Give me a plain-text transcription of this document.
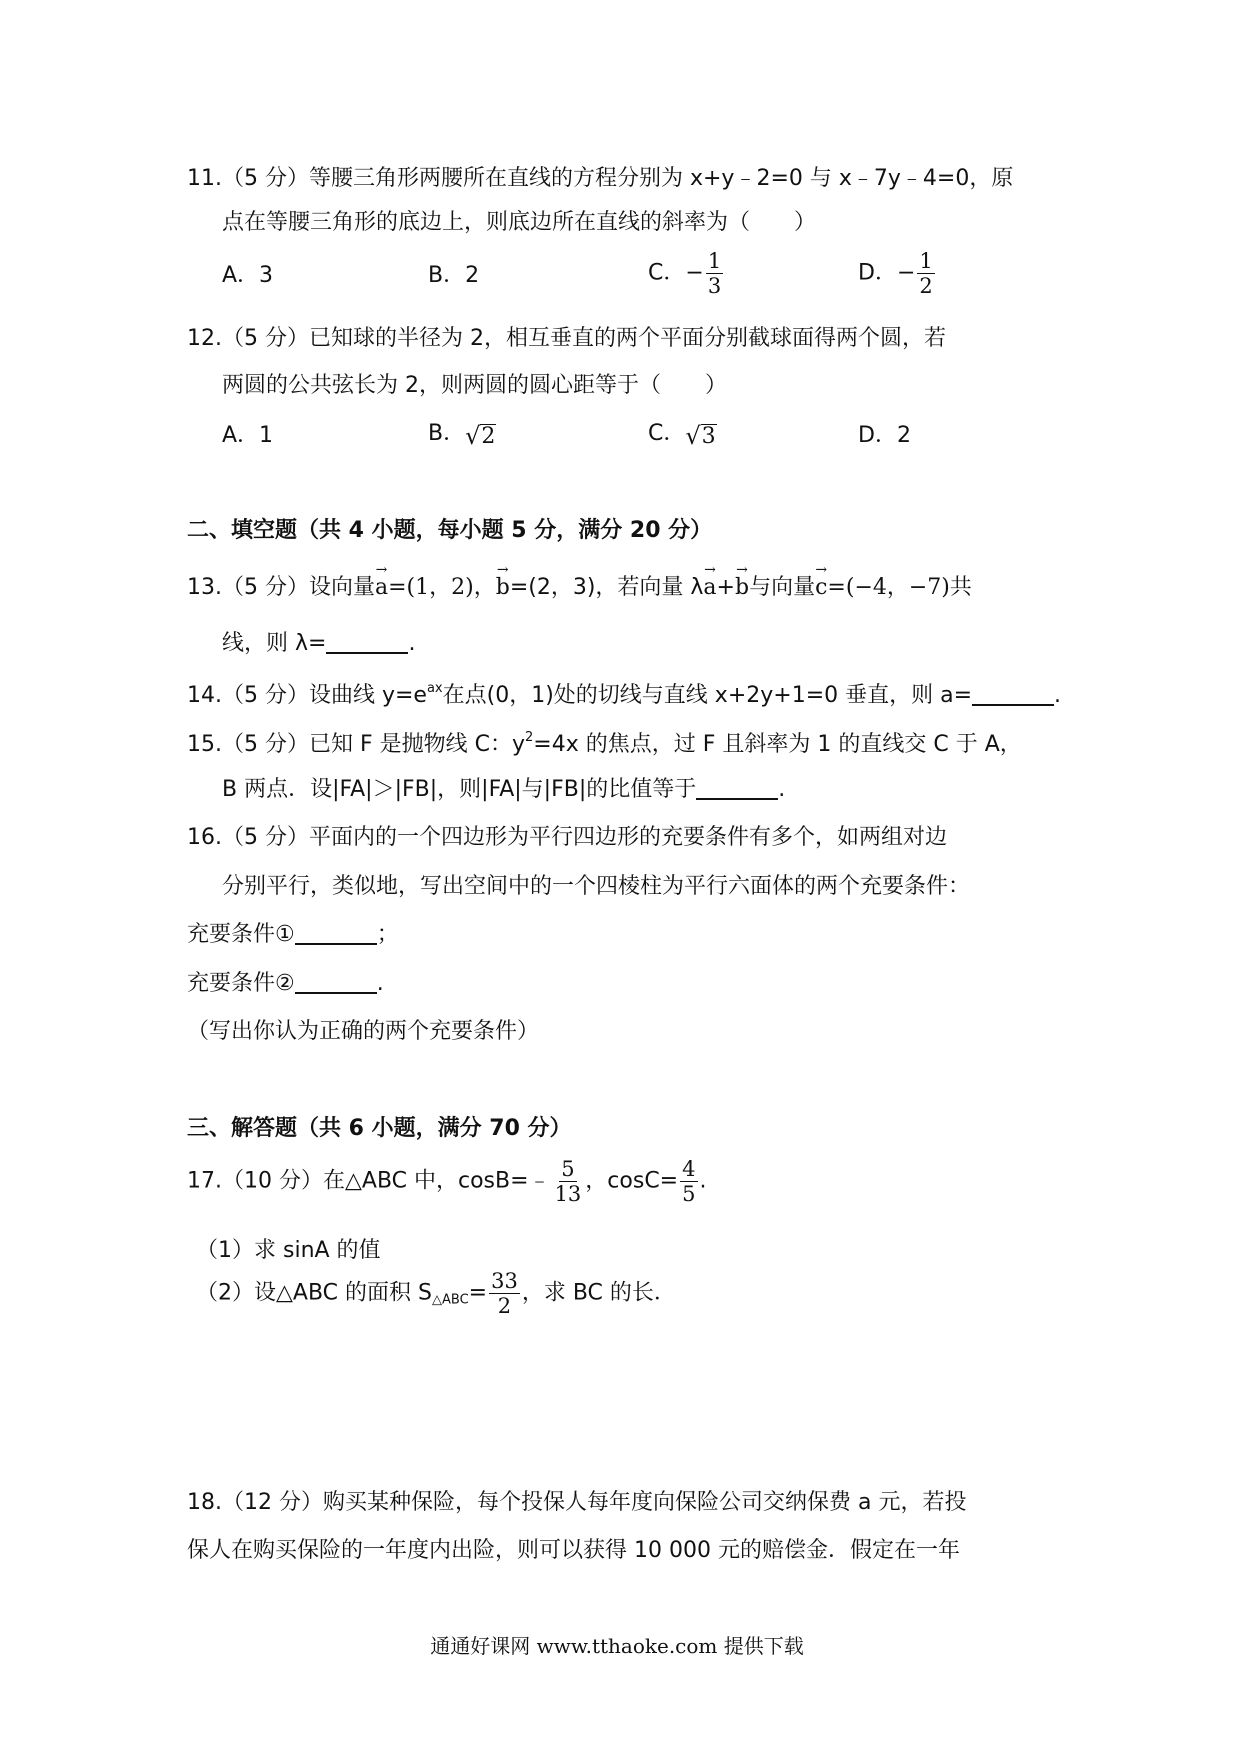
11.（5 分）等腰三角形两腰所在直线的方程分别为 x+y﹣2=0 与 x﹣7y﹣4=0，原
点在等腰三角形的底边上，则底边所在直线的斜率为（　　）
A．3	B．2	C．− $\frac{1}{3}$	D．− $\frac{1}{2}$
12.（5 分）已知球的半径为 2，相互垂直的两个平面分别截球面得两个圆，若
两圆的公共弦长为 2，则两圆的圆心距等于（　　）
A．1	B． √ 2	C． √ 3	D．2
二、填空题（共 4 小题，每小题 5 分，满分 20 分）
13.（5 分）设向量
→
a=(1，2)，
→
b=(2，3)，若向量 λ
→
a+
→
b与向量
→
c=(−4，−7)共
线，则 λ=	.
14.（5 分）设曲线 $y=e^{ax}$在点(0，1)处的切线与直线 x+2y+1=0 垂直，则 a=	.
15.（5 分）已知 F 是抛物线 C：$y^2=4x$ 的焦点，过 F 且斜率为 1 的直线交 C 于 A，
B 两点．设|FA|＞|FB|，则|FA|与|FB|的比值等于	.
16.（5 分）平面内的一个四边形为平行四边形的充要条件有多个，如两组对边
分别平行，类似地，写出空间中的一个四棱柱为平行六面体的两个充要条件：
充要条件①	；
充要条件②	.
（写出你认为正确的两个充要条件）
三、解答题（共 6 小题，满分 70 分）
17.（10 分）在△ABC 中，cosB=﹣ $\frac{5}{13}$ ，$\cos C= \frac{4}{5}$ .
（1）求 sinA 的值
（2）设△ABC 的面积 $S_{\triangle ABC}= \frac{33}{2}$ ，求 BC 的长．
18.（12 分）购买某种保险，每个投保人每年度向保险公司交纳保费 a 元，若投
保人在购买保险的一年度内出险，则可以获得 10 000 元的赔偿金．假定在一年
通通好课网 www.tthaoke.com 提供下载
